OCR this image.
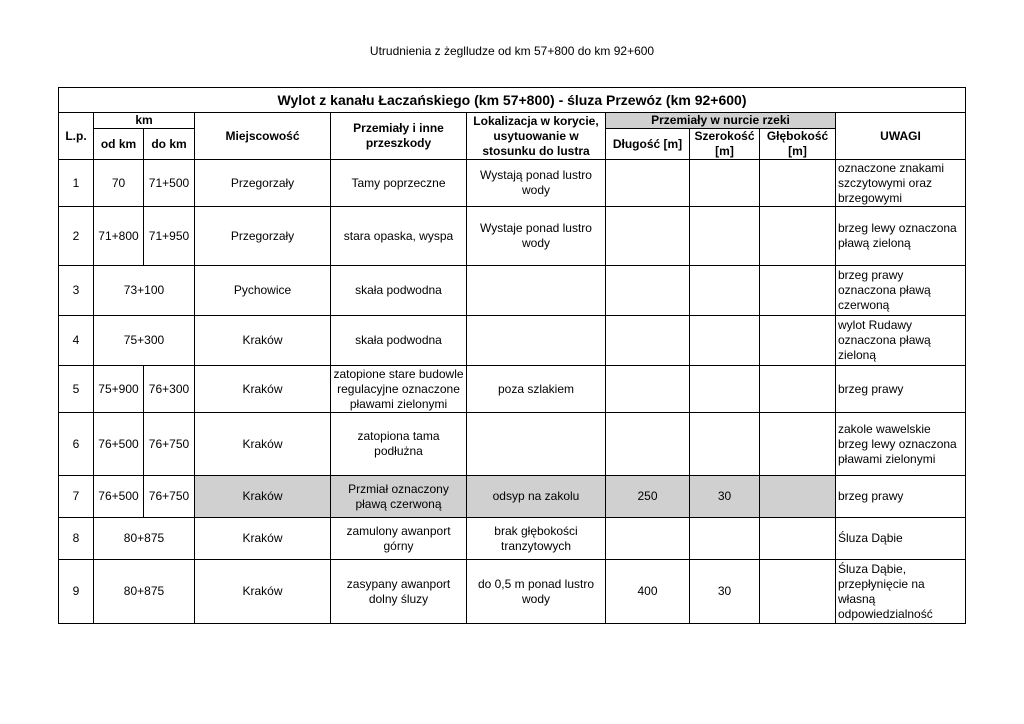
Utrudnienia z żeglludze od km 57+800 do km 92+600
Wylot z kanału Łaczańskiego (km 57+800) - śluza Przewóz (km 92+600)									
L.p.	km		Miejscowość	Przemiały i inne przeszkody	Lokalizacja w korycie, usytuowanie w stosunku do lustra	Przemiały w nurcie rzeki			UWAGI
	od km	do km				Długość [m]	Szerokość [m]	Głębokość [m]	

1	70	71+500	Przegorzały	Tamy poprzeczne	Wystają ponad lustro wody				oznaczone znakami szczytowymi oraz brzegowymi
2	71+800	71+950	Przegorzały	stara opaska, wyspa	Wystaje ponad lustro wody				brzeg lewy oznaczona pławą zieloną
3	73+100		Pychowice	skała podwodna					brzeg prawy oznaczona pławą czerwoną
4	75+300		Kraków	skała podwodna					wylot Rudawy oznaczona pławą zieloną
5	75+900	76+300	Kraków	zatopione stare budowle regulacyjne oznaczone pławami zielonymi	poza szlakiem				brzeg prawy
6	76+500	76+750	Kraków	zatopiona tama podłużna					zakole wawelskie brzeg lewy oznaczona pławami zielonymi
7	76+500	76+750	Kraków	Przmiał oznaczony pławą czerwoną	odsyp na zakolu	250	30		brzeg prawy
8	80+875		Kraków	zamulony awanport górny	brak głębokości tranzytowych				Śluza Dąbie
9	80+875		Kraków	zasypany awanport dolny śluzy	do 0,5 m ponad lustro wody	400	30		Śluza Dąbie, przepłynięcie na własną odpowiedzialność
